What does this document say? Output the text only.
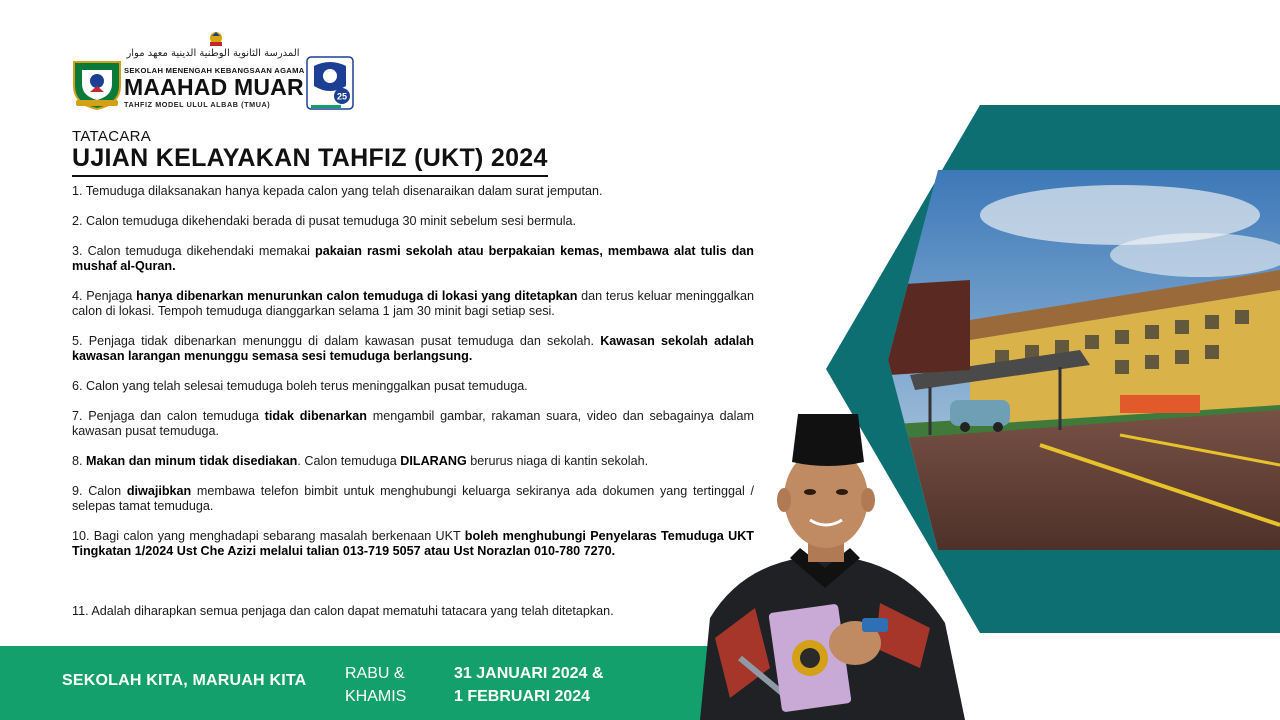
المدرسة الثانوية الوطنية الدينية معهد موار
SEKOLAH MENENGAH KEBANGSAAN AGAMA
MAAHAD MUAR
TAHFIZ MODEL ULUL ALBAB (TMUA)
25
TATACARA
UJIAN KELAYAKAN TAHFIZ (UKT) 2024

1. Temuduga dilaksanakan hanya kepada calon yang telah disenaraikan dalam surat jemputan.

2. Calon temuduga dikehendaki berada di pusat temuduga 30 minit sebelum sesi bermula.

3. Calon temuduga dikehendaki memakai pakaian rasmi sekolah atau berpakaian kemas, membawa alat tulis dan mushaf al-Quran.

4. Penjaga hanya dibenarkan menurunkan calon temuduga di lokasi yang ditetapkan dan terus keluar meninggalkan calon di lokasi. Tempoh temuduga dianggarkan selama 1 jam 30 minit bagi setiap sesi.

5. Penjaga tidak dibenarkan menunggu di dalam kawasan pusat temuduga dan sekolah. Kawasan sekolah adalah kawasan larangan menunggu semasa sesi temuduga berlangsung.

6. Calon yang telah selesai temuduga boleh terus meninggalkan pusat temuduga.

7. Penjaga dan calon temuduga tidak dibenarkan mengambil gambar, rakaman suara, video dan sebagainya dalam kawasan pusat temuduga.

8. Makan dan minum tidak disediakan. Calon temuduga DILARANG berurus niaga di kantin sekolah.

9. Calon diwajibkan membawa telefon bimbit untuk menghubungi keluarga sekiranya ada dokumen yang tertinggal / selepas tamat temuduga.

10. Bagi calon yang menghadapi sebarang masalah berkenaan UKT boleh menghubungi Penyelaras Temuduga UKT Tingkatan 1/2024 Ust Che Azizi melalui talian 013-719 5057 atau Ust Norazlan 010-780 7270.

11. Adalah diharapkan semua penjaga dan calon dapat mematuhi tatacara yang telah ditetapkan.

SEKOLAH KITA, MARUAH KITA RABU &
KHAMIS
31 JANUARI 2024 &
1 FEBRUARI 2024
